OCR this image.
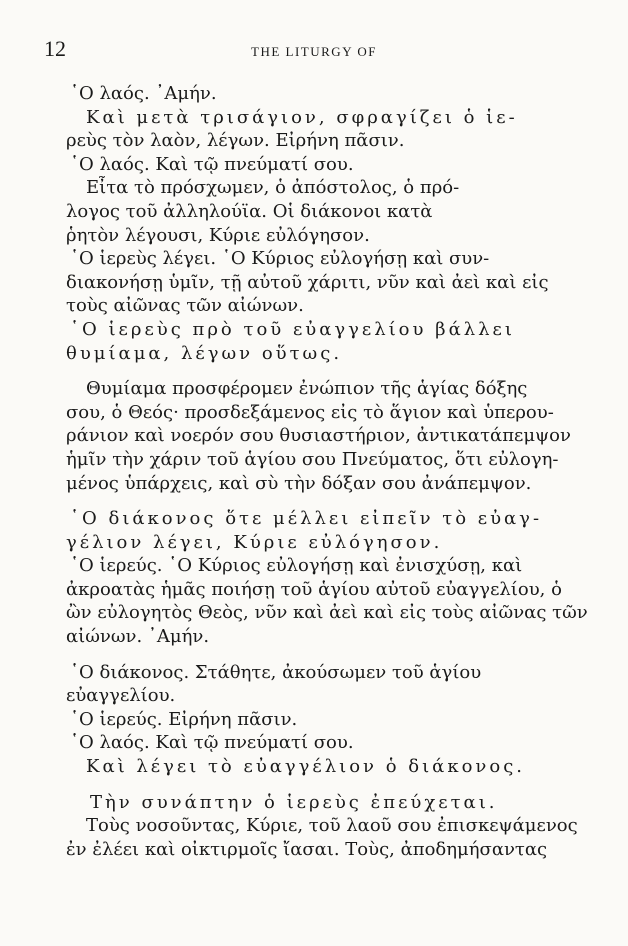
12	THE LITURGY OF
῾Ο λαός. ᾿Αμήν.
Καὶ μετὰ τρισάγιον, σφραγίζει ὁ ἱε-
ρεὺς τὸν λαὸν, λέγων. Εἰρήνη πᾶσιν.
῾Ο λαός. Καὶ τῷ πνεύματί σου.
Εἶτα τὸ πρόσχωμεν, ὁ ἀπόστολος, ὁ πρό-
λογος τοῦ ἀλληλούϊα. Οἱ διάκονοι κατὰ
ῥητὸν λέγουσι, Κύριε εὐλόγησον.
῾Ο ἱερεὺς λέγει. ῾Ο Κύριος εὐλογήσῃ καὶ συν-
διακονήσῃ ὑμῖν, τῇ αὐτοῦ χάριτι, νῦν καὶ ἀεὶ καὶ εἰς
τοὺς αἰῶνας τῶν αἰώνων.
῾Ο ἱερεὺς πρὸ τοῦ εὐαγγελίου βάλλει
θυμίαμα, λέγων οὕτως.
Θυμίαμα προσφέρομεν ἐνώπιον τῆς ἁγίας δόξης
σου, ὁ Θεός· προσδεξάμενος εἰς τὸ ἅγιον καὶ ὑπερου-
ράνιον καὶ νοερόν σου θυσιαστήριον, ἀντικατάπεμψον
ἡμῖν τὴν χάριν τοῦ ἁγίου σου Πνεύματος, ὅτι εὐλογη-
μένος ὑπάρχεις, καὶ σὺ τὴν δόξαν σου ἀνάπεμψον.
῾Ο διάκονος ὅτε μέλλει εἰπεῖν τὸ εὐαγ-
γέλιον λέγει, Κύριε εὐλόγησον.
῾Ο ἱερεύς. ῾Ο Κύριος εὐλογήσῃ καὶ ἐνισχύσῃ, καὶ
ἀκροατὰς ἡμᾶς ποιήσῃ τοῦ ἁγίου αὐτοῦ εὐαγγελίου, ὁ
ὢν εὐλογητὸς Θεὸς, νῦν καὶ ἀεὶ καὶ εἰς τοὺς αἰῶνας τῶν
αἰώνων. ᾿Αμήν.
῾Ο διάκονος. Στάθητε, ἀκούσωμεν τοῦ ἁγίου
εὐαγγελίου.
῾Ο ἱερεύς. Εἰρήνη πᾶσιν.
῾Ο λαός. Καὶ τῷ πνεύματί σου.
Καὶ λέγει τὸ εὐαγγέλιον ὁ διάκονος.
Τὴν συνάπτην ὁ ἱερεὺς ἐπεύχεται.
Τοὺς νοσοῦντας, Κύριε, τοῦ λαοῦ σου ἐπισκεψάμενος
ἐν ἐλέει καὶ οἰκτιρμοῖς ἴασαι. Τοὺς, ἀποδημήσαντας
